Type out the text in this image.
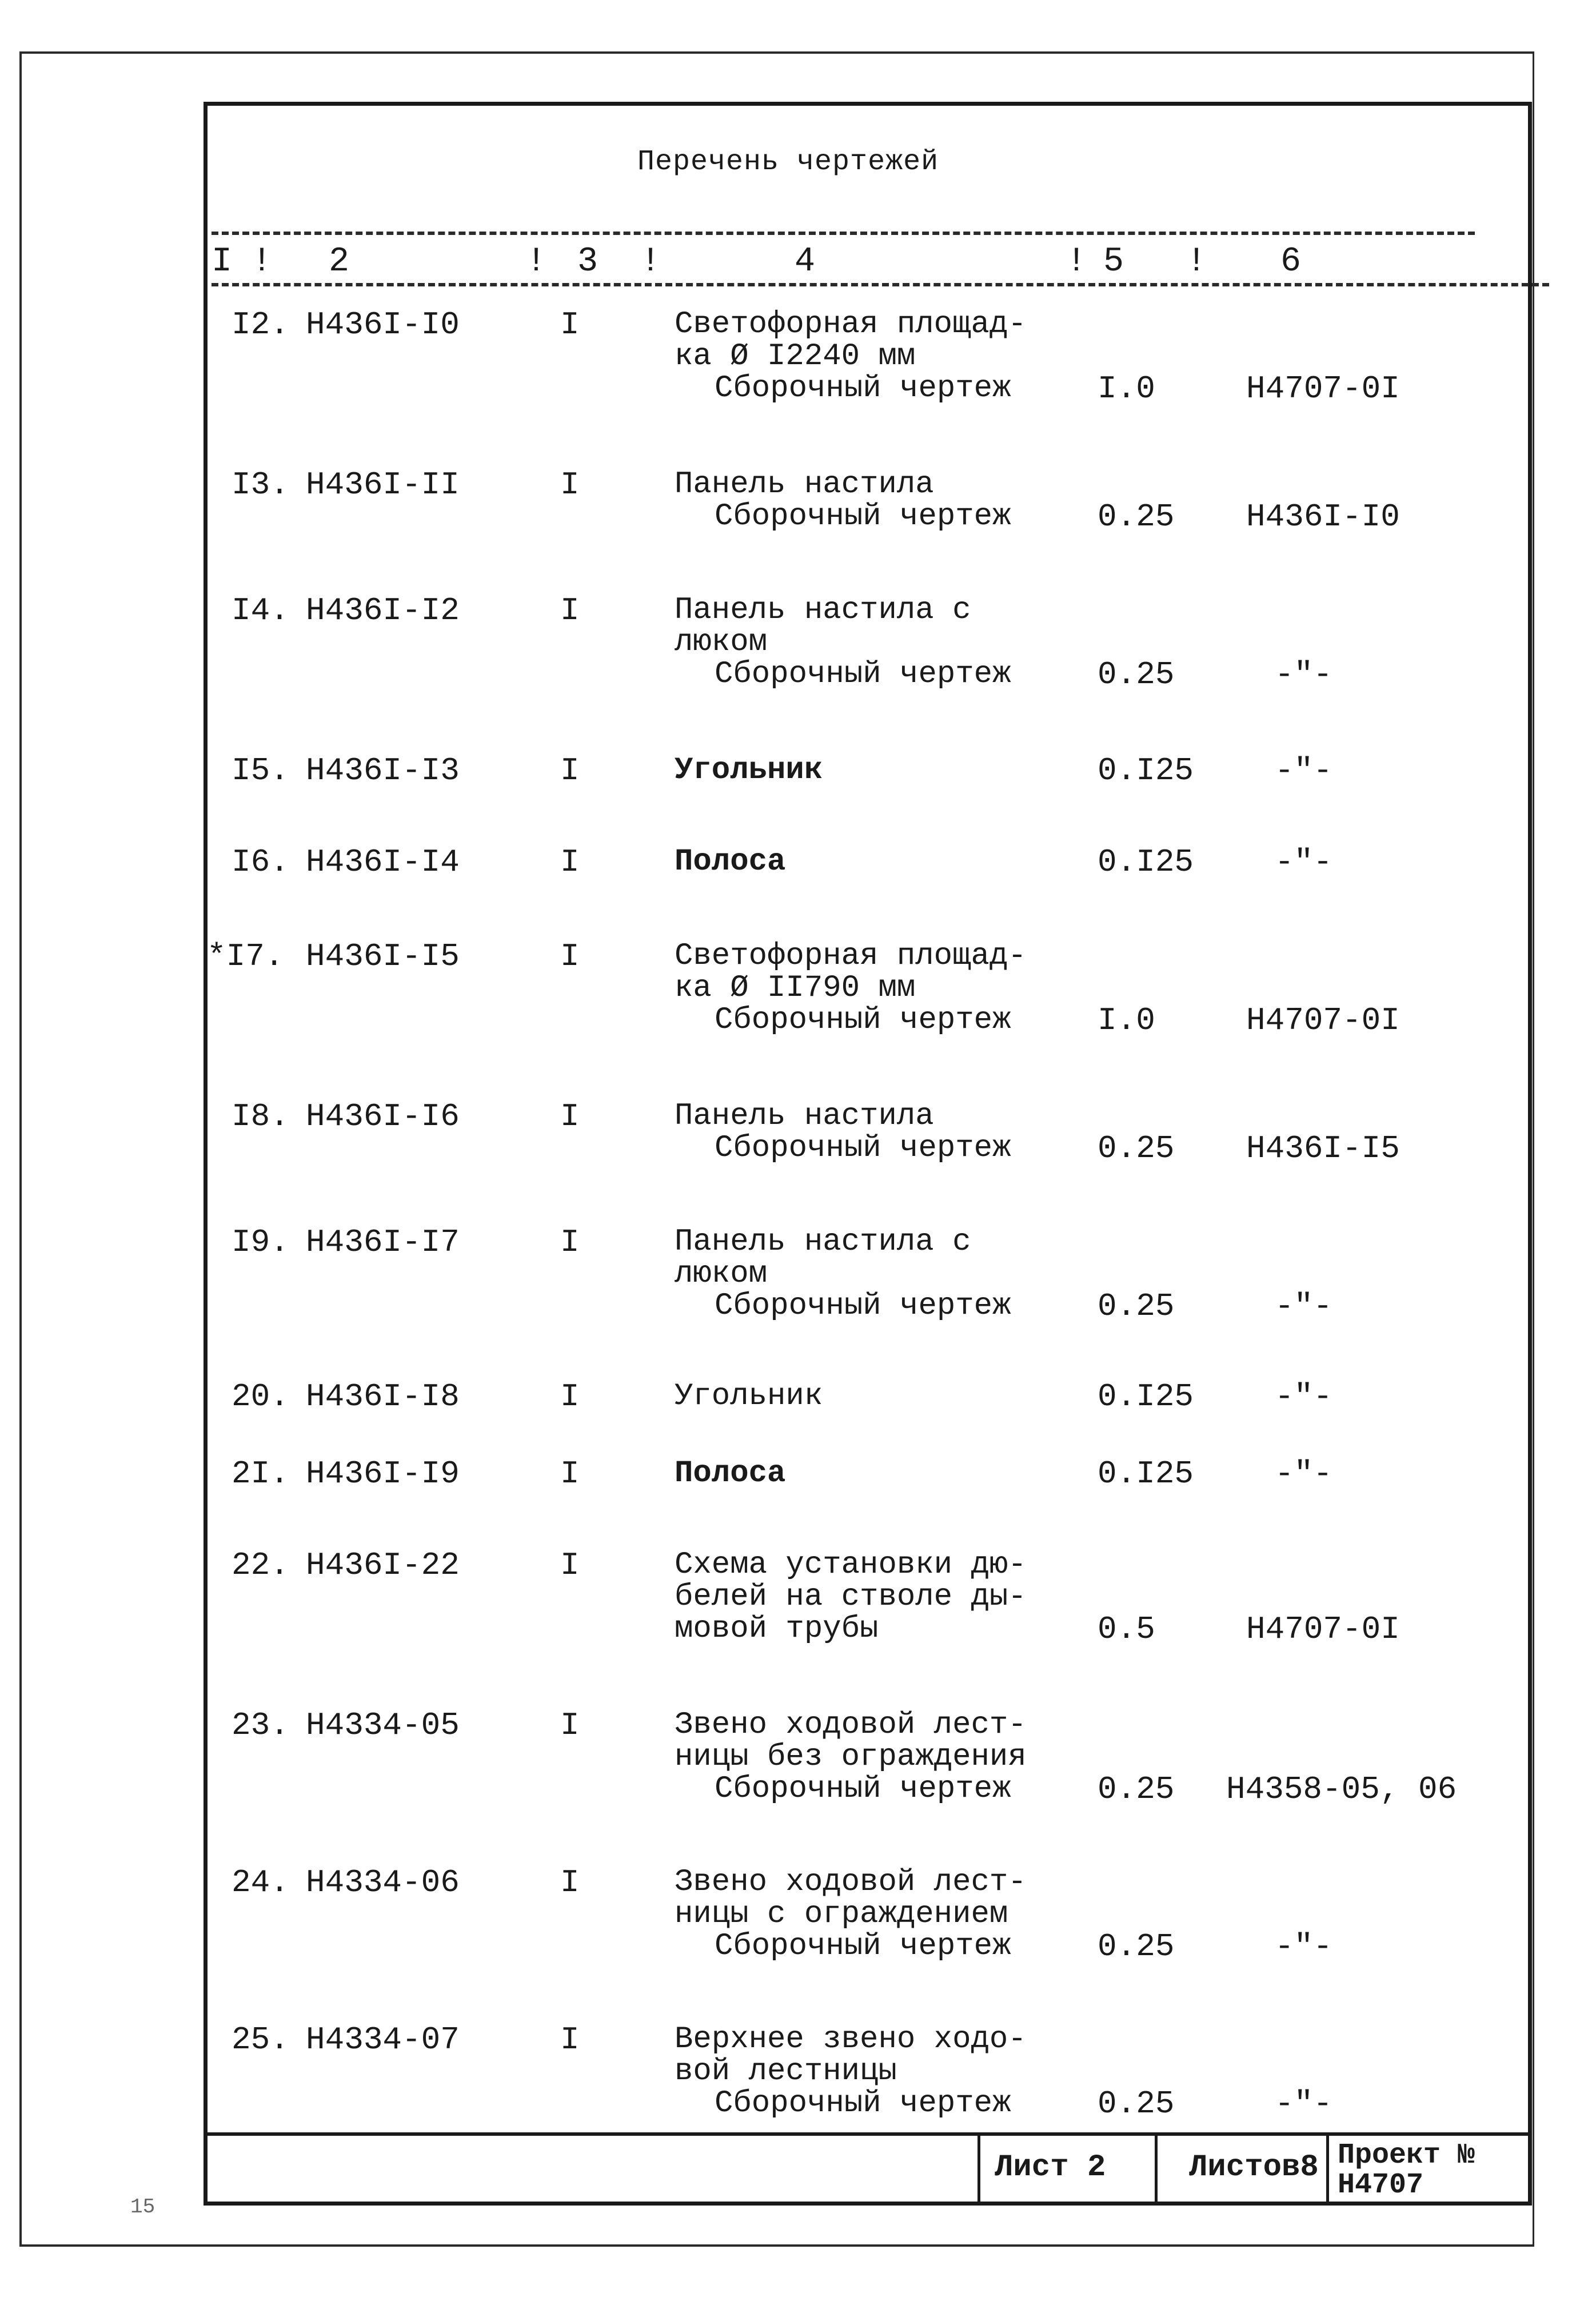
Перечень чертежей
I ! 2	! 3 !	4	! 5 ! 6
I2. Н436I-I0	I	Светофорная площад-
ка Ø I2240 мм
Сборочный чертеж	I.0	Н4707-0I
I3. Н436I-II	I	Панель настила
Сборочный чертеж	0.25 Н436I-I0
I4. Н436I-I2	I	Панель настила с
люком
Сборочный чертеж	0.25	-"-
I5. Н436I-I3	I	Угольник	0.I25	-"-
I6. Н436I-I4	I	Полоса	0.I25	-"-
*I7. Н436I-I5	I	Светофорная площад-
ка Ø II790 мм
Сборочный чертеж	I.0	Н4707-0I
I8. Н436I-I6	I	Панель настила
Сборочный чертеж	0.25 Н436I-I5
I9. Н436I-I7	I	Панель настила с
люком
Сборочный чертеж	0.25	-"-
20. Н436I-I8	I	Угольник	0.I25	-"-
2I. Н436I-I9	I	Полоса	0.I25	-"-
22. Н436I-22	I	Схема установки дю-
белей на стволе ды-
мовой трубы	0.5	Н4707-0I
23. Н4334-05	I	Звено ходовой лест-
ницы без ограждения
Сборочный чертеж	0.25 Н4358-05, 06
24. Н4334-06	I	Звено ходовой лест-
ницы с ограждением
Сборочный чертеж	0.25	-"-
25. Н4334-07	I	Верхнее звено ходо-
вой лестницы
Сборочный чертеж	0.25	-"-
Лист 2	Листов8 Проект №
Н4707
15
